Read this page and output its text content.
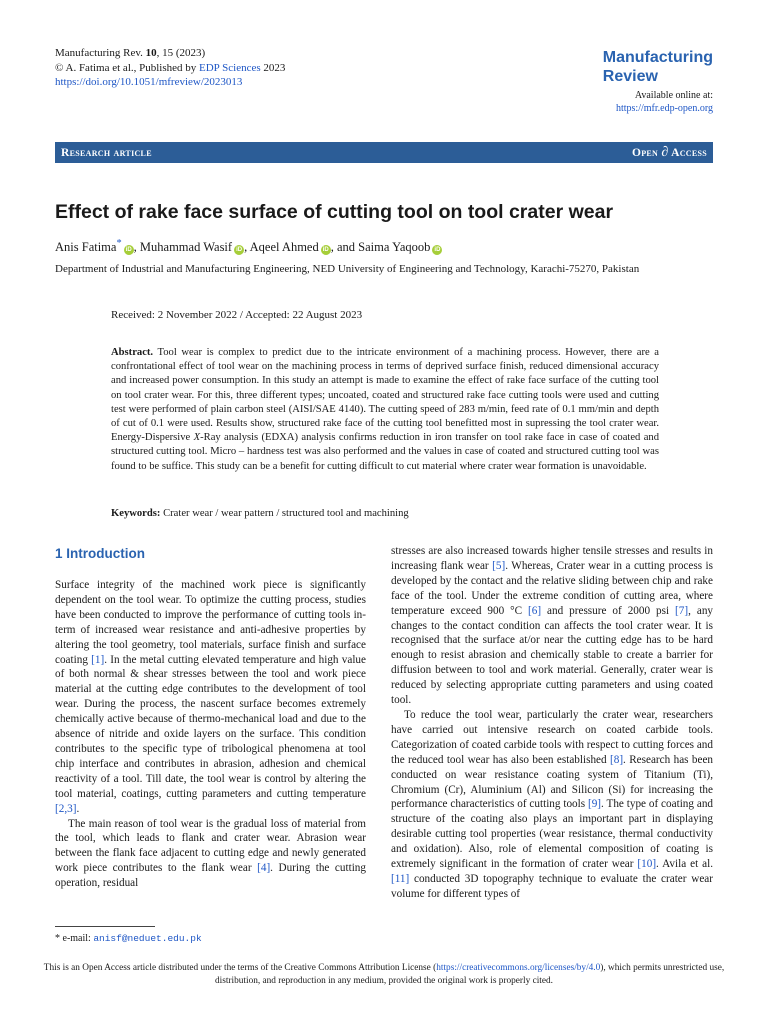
Manufacturing Rev. 10, 15 (2023)
© A. Fatima et al., Published by EDP Sciences 2023
https://doi.org/10.1051/mfreview/2023013
Manufacturing
Review
Available online at:
https://mfr.edp-open.org
Research article	Open ∂ Access
Effect of rake face surface of cutting tool on tool crater wear
Anis Fatima*iD , Muhammad Wasif iD , Aqeel Ahmed iD , and Saima Yaqoob iD
Department of Industrial and Manufacturing Engineering, NED University of Engineering and Technology, Karachi-75270, Pakistan
Received: 2 November 2022 / Accepted: 22 August 2023
Abstract. Tool wear is complex to predict due to the intricate environment of a machining process. However, there are a confrontational effect of tool wear on the machining process in terms of deprived surface finish, reduced dimensional accuracy and increased power consumption. In this study an attempt is made to examine the effect of rake face surface of the cutting tool on tool crater wear. For this, three different types; uncoated, coated and structured rake face cutting tools were used and cutting test were performed of plain carbon steel (AISI/SAE 4140). The cutting speed of 283 m/min, feed rate of 0.1 mm/min and depth of cut of 0.1 were used. Results show, structured rake face of the cutting tool benefitted most in supressing the tool crater wear. Energy-Dispersive X-Ray analysis (EDXA) analysis confirms reduction in iron transfer on tool rake face in case of coated and structured cutting tool. Micro – hardness test was also performed and the values in case of coated and structured cutting tool was found to be suffice. This study can be a benefit for cutting difficult to cut material where crater wear formation is unavoidable.
Keywords: Crater wear / wear pattern / structured tool and machining
1 Introduction

Surface integrity of the machined work piece is significantly dependent on the tool wear. To optimize the cutting process, studies have been conducted to improve the performance of cutting tools in-term of increased wear resistance and anti-adhesive properties by altering the tool geometry, tool materials, surface finish and surface coating [1]. In the metal cutting elevated temperature and high value of both normal & shear stresses between the tool and work piece material at the cutting edge contributes to the development of tool wear. During the process, the nascent surface becomes extremely chemically active because of thermo-mechanical load and due to the absence of nitride and oxide layers on the surface. This condition contributes to the specific type of tribological phenomena at tool chip interface and contributes in abrasion, adhesion and chemical reactivity of a tool. Till date, the tool wear is control by altering the tool material, coatings, cutting parameters and cutting temperature [2,3].

The main reason of tool wear is the gradual loss of material from the tool, which leads to flank and crater wear. Abrasion wear between the flank face adjacent to cutting edge and newly generated work piece contributes to the flank wear [4]. During the cutting operation, residual

stresses are also increased towards higher tensile stresses and results in increasing flank wear [5]. Whereas, Crater wear in a cutting process is developed by the contact and the relative sliding between chip and rake face of the tool. Under the extreme condition of cutting area, where temperature exceed 900 °C [6] and pressure of 2000 psi [7], any changes to the contact condition can affects the tool crater wear. It is recognised that the surface at/or near the cutting edge has to be hard enough to resist abrasion and chemically stable to create a barrier for diffusion between to tool and work material. Generally, crater wear is reduced by selecting appropriate cutting parameters and using coated tool.

To reduce the tool wear, particularly the crater wear, researchers have carried out intensive research on coated carbide tools. Categorization of coated carbide tools with respect to cutting forces and the reduced tool wear has also been established [8]. Research has been conducted on wear resistance coating system of Titanium (Ti), Chromium (Cr), Aluminium (Al) and Silicon (Si) for increasing the performance characteristics of cutting tools [9]. The type of coating and structure of the coating also plays an important part in displaying desirable cutting tool properties (wear resistance, thermal conductivity and oxidation). Also, role of elemental composition of coating is extremely significant in the formation of crater wear [10]. Avila et al. [11] conducted 3D topography technique to evaluate the crater wear volume for different types of

* e-mail: anisf@neduet.edu.pk
This is an Open Access article distributed under the terms of the Creative Commons Attribution License (https://creativecommons.org/licenses/by/4.0), which permits unrestricted use, distribution, and reproduction in any medium, provided the original work is properly cited.
